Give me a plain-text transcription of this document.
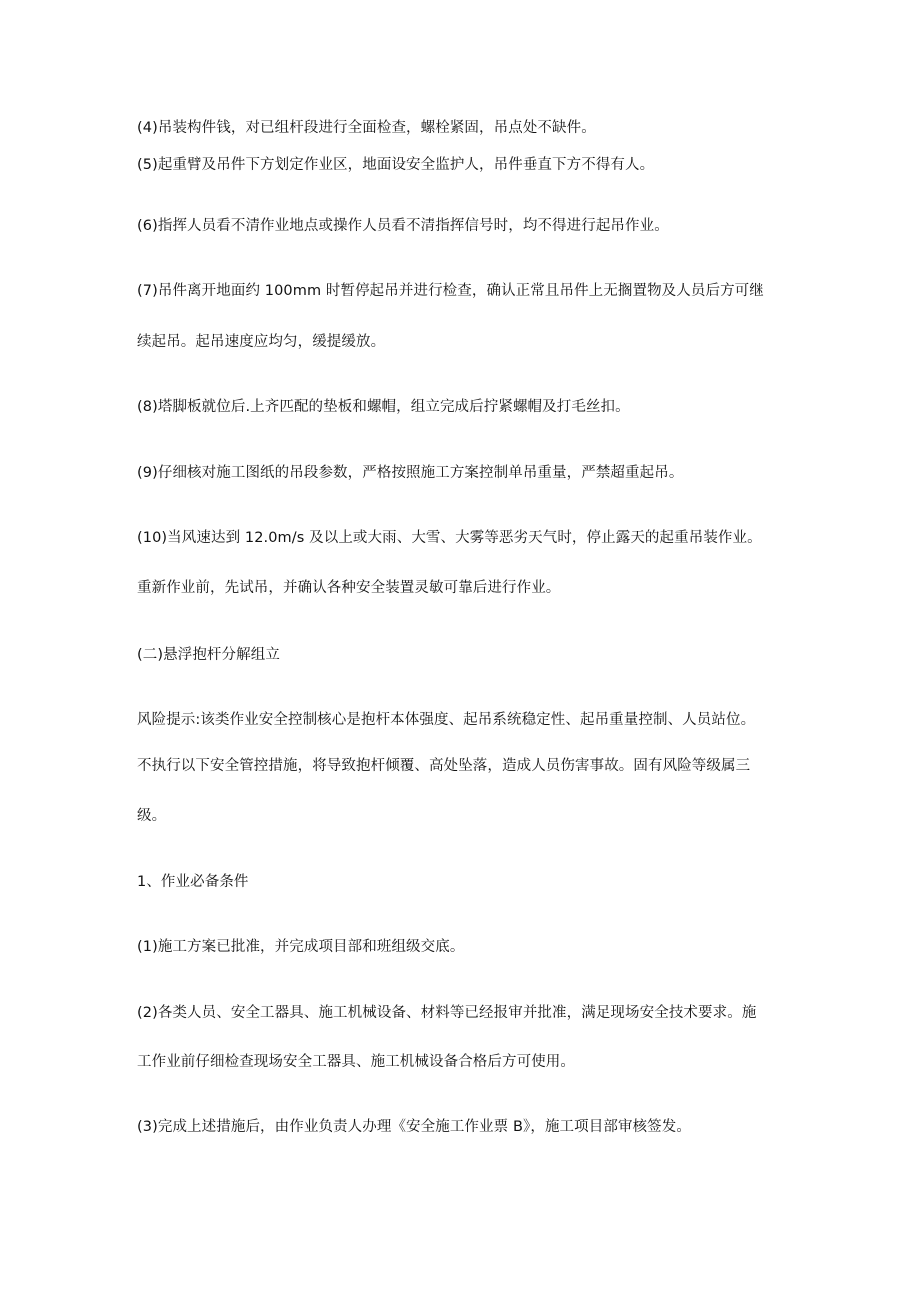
(4)吊装构件钱，对已组杆段进行全面检查，螺栓紧固，吊点处不缺件。
(5)起重臂及吊件下方划定作业区，地面设安全监护人，吊件垂直下方不得有人。
(6)指挥人员看不清作业地点或操作人员看不清指挥信号时，均不得进行起吊作业。
(7)吊件离开地面约 100mm 时暂停起吊并进行检查，确认正常且吊件上无搁置物及人员后方可继
续起吊。起吊速度应均匀，缓提缓放。
(8)塔脚板就位后.上齐匹配的垫板和螺帽，组立完成后拧紧螺帽及打毛丝扣。
(9)仔细核对施工图纸的吊段参数，严格按照施工方案控制单吊重量，严禁超重起吊。
(10)当风速达到 12.0m∕s 及以上或大雨、大雪、大雾等恶劣天气时，停止露天的起重吊装作业。
重新作业前，先试吊，并确认各种安全装置灵敏可靠后进行作业。
(二)悬浮抱杆分解组立
风险提示:该类作业安全控制核心是抱杆本体强度、起吊系统稳定性、起吊重量控制、人员站位。
不执行以下安全管控措施，将导致抱杆倾覆、高处坠落，造成人员伤害事故。固有风险等级属三
级。
1、作业必备条件
(1)施工方案已批准，并完成项目部和班组级交底。
(2)各类人员、安全工器具、施工机械设备、材料等已经报审并批准，满足现场安全技术要求。施
工作业前仔细检查现场安全工器具、施工机械设备合格后方可使用。
(3)完成上述措施后，由作业负责人办理《安全施工作业票 B》，施工项目部审核签发。
